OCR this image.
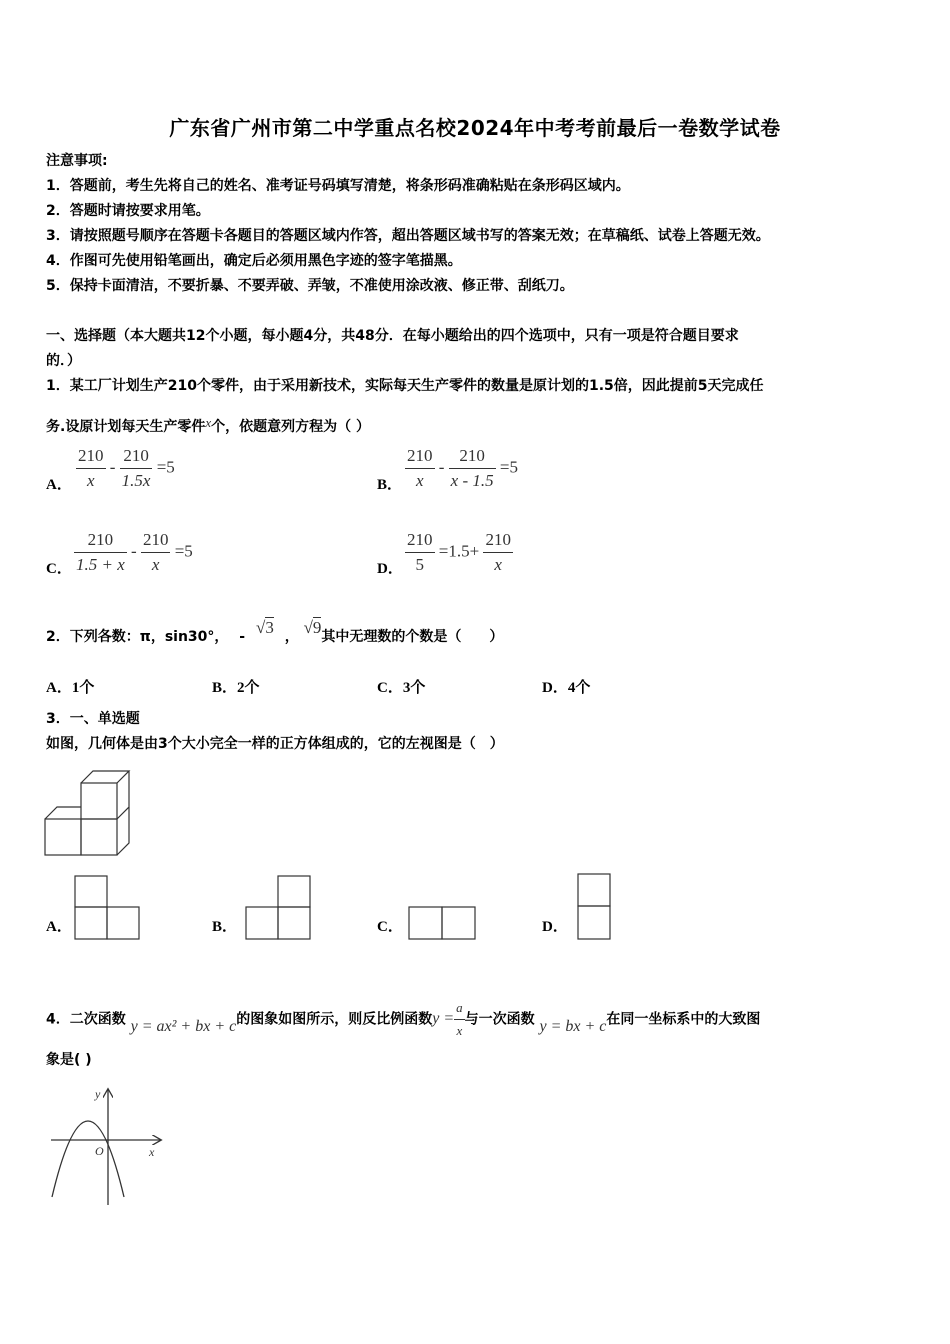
广东省广州市第二中学重点名校2024年中考考前最后一卷数学试卷
注意事项:
1．答题前，考生先将自己的姓名、准考证号码填写清楚，将条形码准确粘贴在条形码区域内。
2．答题时请按要求用笔。
3．请按照题号顺序在答题卡各题目的答题区域内作答，超出答题区域书写的答案无效；在草稿纸、试卷上答题无效。
4．作图可先使用铅笔画出，确定后必须用黑色字迹的签字笔描黑。
5．保持卡面清洁，不要折暴、不要弄破、弄皱，不准使用涂改液、修正带、刮纸刀。
一、选择题（本大题共12个小题，每小题4分，共48分．在每小题给出的四个选项中，只有一项是符合题目要求
的．）
1．某工厂计划生产210个零件，由于采用新技术，实际每天生产零件的数量是原计划的1.5倍，因此提前5天完成任
务.设原计划每天生产零件x个，依题意列方程为（ ）
A． $\frac{210}{x} - \frac{210}{1.5x} =5$
B． $\frac{210}{x} - \frac{210}{x - 1.5} =5$
C． $\frac{210}{1.5 + x} - \frac{210}{x} =5$
D． $\frac{210}{5} =1.5+ \frac{210}{x}$
2．下列各数：π，sin30°， - √3 ， √9其中无理数的个数是（　　）
A．1个	B．2个	C．3个	D．4个
3．一、单选题
如图，几何体是由3个大小完全一样的正方体组成的，它的左视图是（　）
A．	B．	C．	D．
4．二次函数 y = ax² + bx + c的图象如图所示，则反比例函数$y = \frac{a}{x}$ 与一次函数 y = bx + c在同一坐标系中的大致图
象是( )
y
x
O
